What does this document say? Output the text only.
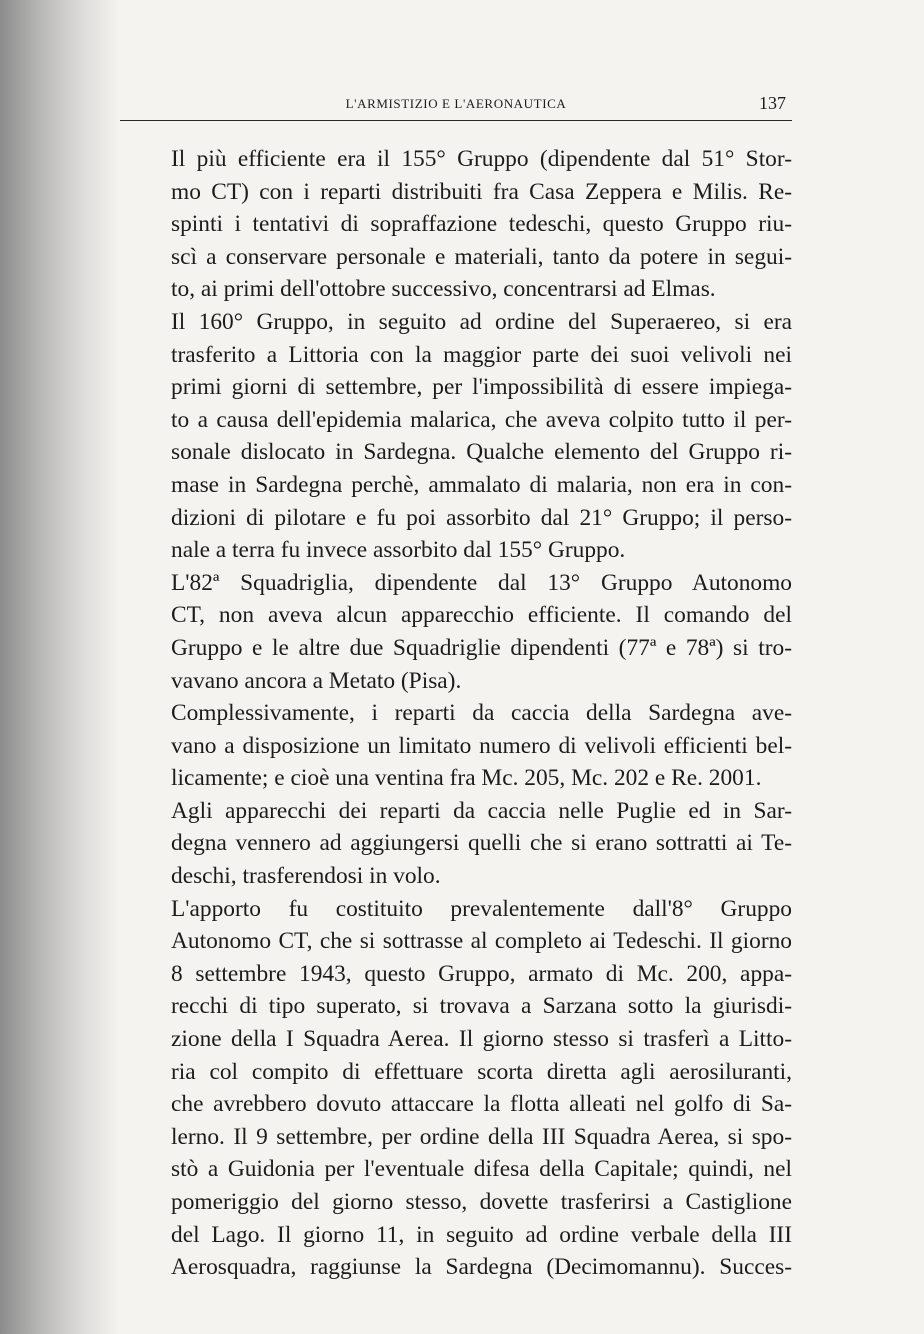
L'ARMISTIZIO E L'AERONAUTICA	137

Il più efficiente era il 155° Gruppo (dipendente dal 51° Stor-
mo CT) con i reparti distribuiti fra Casa Zeppera e Milis. Re-
spinti i tentativi di sopraffazione tedeschi, questo Gruppo riu-
scì a conservare personale e materiali, tanto da potere in segui-
to, ai primi dell'ottobre successivo, concentrarsi ad Elmas.

Il 160° Gruppo, in seguito ad ordine del Superaereo, si era
trasferito a Littoria con la maggior parte dei suoi velivoli nei
primi giorni di settembre, per l'impossibilità di essere impiega-
to a causa dell'epidemia malarica, che aveva colpito tutto il per-
sonale dislocato in Sardegna. Qualche elemento del Gruppo ri-
mase in Sardegna perchè, ammalato di malaria, non era in con-
dizioni di pilotare e fu poi assorbito dal 21° Gruppo; il perso-
nale a terra fu invece assorbito dal 155° Gruppo.

L'82ª Squadriglia, dipendente dal 13° Gruppo Autonomo
CT, non aveva alcun apparecchio efficiente. Il comando del
Gruppo e le altre due Squadriglie dipendenti (77ª e 78ª) si tro-
vavano ancora a Metato (Pisa).

Complessivamente, i reparti da caccia della Sardegna ave-
vano a disposizione un limitato numero di velivoli efficienti bel-
licamente; e cioè una ventina fra Mc. 205, Mc. 202 e Re. 2001.

Agli apparecchi dei reparti da caccia nelle Puglie ed in Sar-
degna vennero ad aggiungersi quelli che si erano sottratti ai Te-
deschi, trasferendosi in volo.

L'apporto fu costituito prevalentemente dall'8° Gruppo
Autonomo CT, che si sottrasse al completo ai Tedeschi. Il giorno
8 settembre 1943, questo Gruppo, armato di Mc. 200, appa-
recchi di tipo superato, si trovava a Sarzana sotto la giurisdi-
zione della I Squadra Aerea. Il giorno stesso si trasferì a Litto-
ria col compito di effettuare scorta diretta agli aerosiluranti,
che avrebbero dovuto attaccare la flotta alleati nel golfo di Sa-
lerno. Il 9 settembre, per ordine della III Squadra Aerea, si spo-
stò a Guidonia per l'eventuale difesa della Capitale; quindi, nel
pomeriggio del giorno stesso, dovette trasferirsi a Castiglione
del Lago. Il giorno 11, in seguito ad ordine verbale della III
Aerosquadra, raggiunse la Sardegna (Decimomannu). Succes-
